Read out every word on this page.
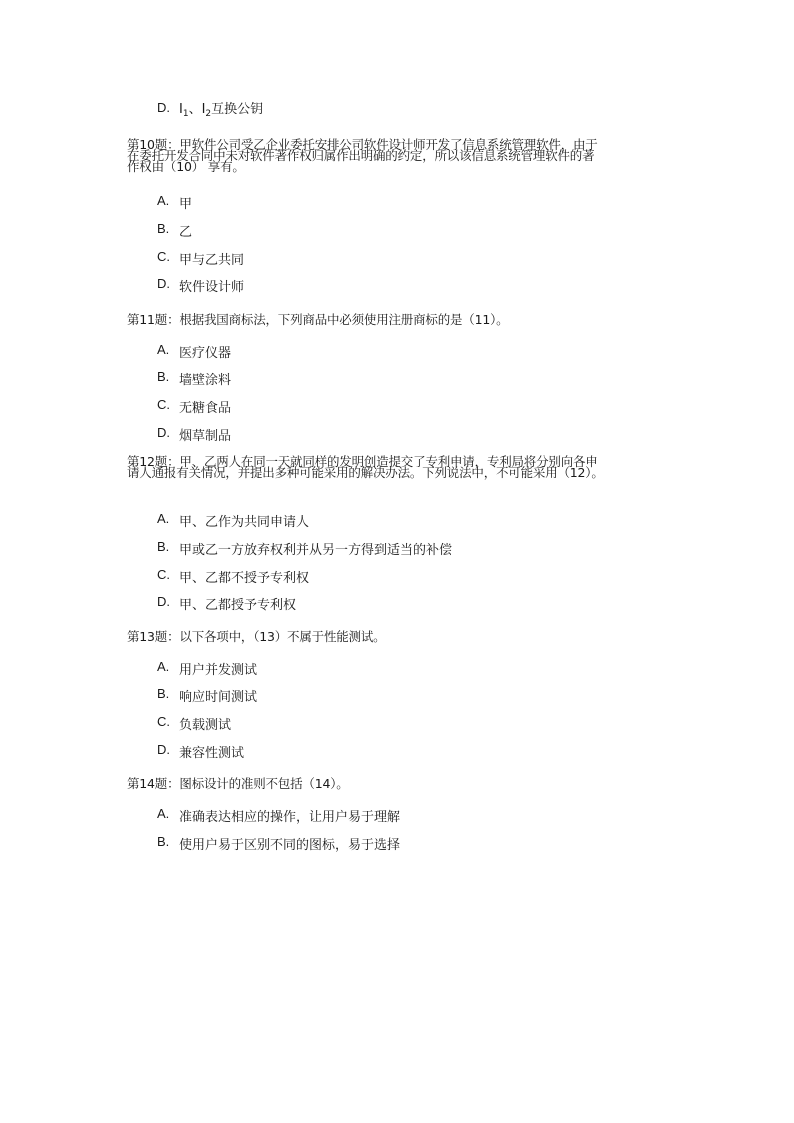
D. $I_1$、$I_2$互换公钥
第10题：甲软件公司受乙企业委托安排公司软件设计师开发了信息系统管理软件，由于在委托开发合同中未对软件著作权归属作出明确的约定，所以该信息系统管理软件的著作权由（10） 享有。
A. 甲
B. 乙
C. 甲与乙共同
D. 软件设计师
第11题：根据我国商标法，下列商品中必须使用注册商标的是（11）。
A. 医疗仪器
B. 墙壁涂料
C. 无糖食品
D. 烟草制品
第12题：甲、乙两人在同一天就同样的发明创造提交了专利申请，专利局将分别向各申请人通报有关情况，并提出多种可能采用的解决办法。下列说法中，不可能采用（12）。
A. 甲、乙作为共同申请人
B. 甲或乙一方放弃权利并从另一方得到适当的补偿
C. 甲、乙都不授予专利权
D. 甲、乙都授予专利权
第13题：以下各项中，（13）不属于性能测试。
A. 用户并发测试
B. 响应时间测试
C. 负载测试
D. 兼容性测试
第14题：图标设计的准则不包括（14）。
A. 准确表达相应的操作，让用户易于理解
B. 使用户易于区别不同的图标，易于选择
